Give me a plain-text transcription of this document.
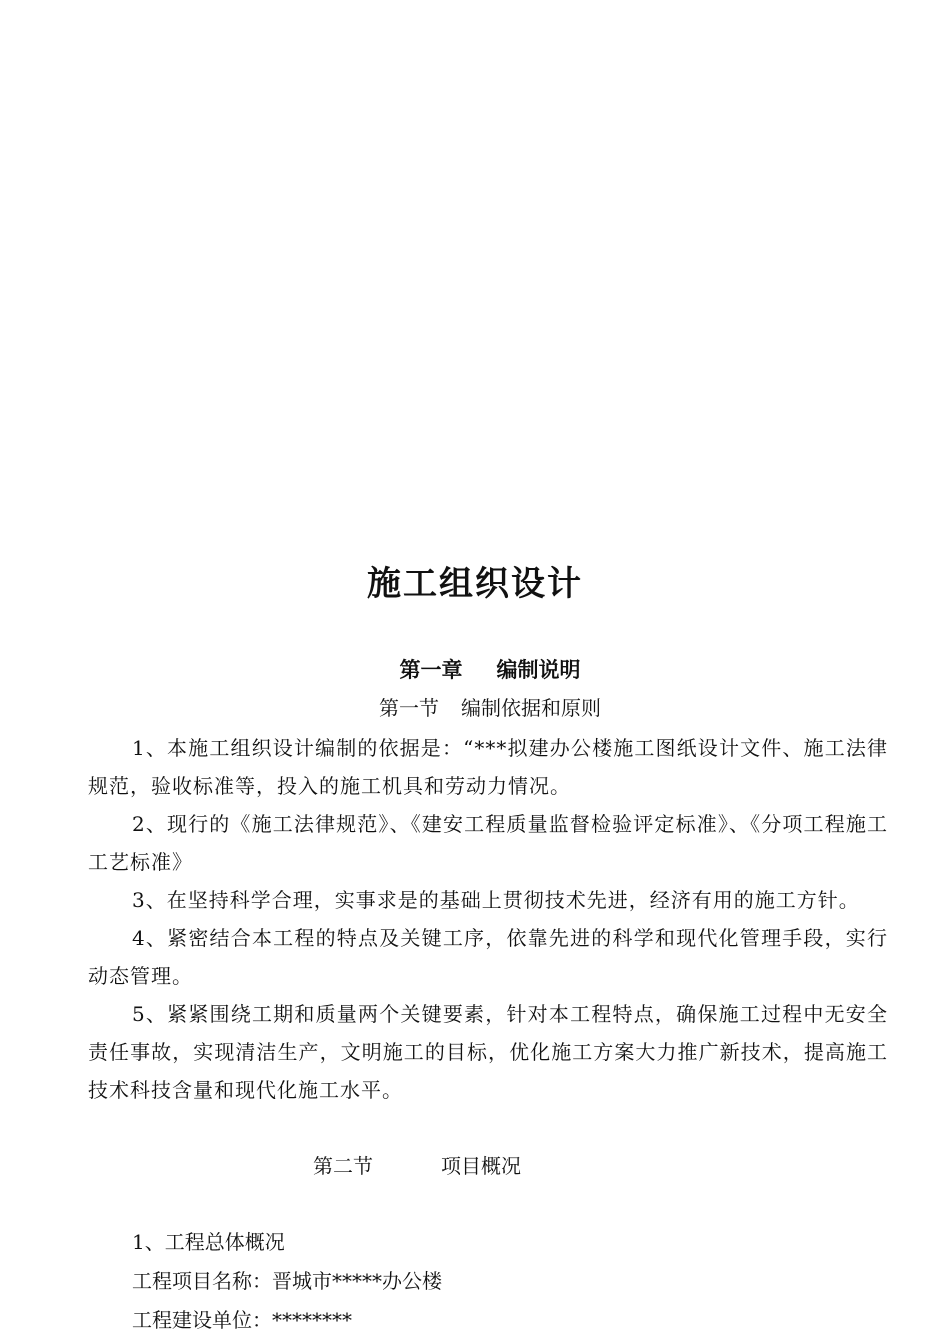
施工组织设计
第一章 编制说明
第一节 编制依据和原则

1、本施工组织设计编制的依据是：“***拟建办公楼施工图纸设计文件、施工法律规范，验收标准等，投入的施工机具和劳动力情况。

2、现行的《施工法律规范》、《建安工程质量监督检验评定标准》、《分项工程施工工艺标准》

3、在坚持科学合理，实事求是的基础上贯彻技术先进，经济有用的施工方针。

4、紧密结合本工程的特点及关键工序，依靠先进的科学和现代化管理手段，实行动态管理。

5、紧紧围绕工期和质量两个关键要素，针对本工程特点，确保施工过程中无安全责任事故，实现清洁生产，文明施工的目标，优化施工方案大力推广新技术，提高施工技术科技含量和现代化施工水平。

第二节	项目概况
1、工程总体概况
工程项目名称：晋城市*****办公楼
工程建设单位：********
